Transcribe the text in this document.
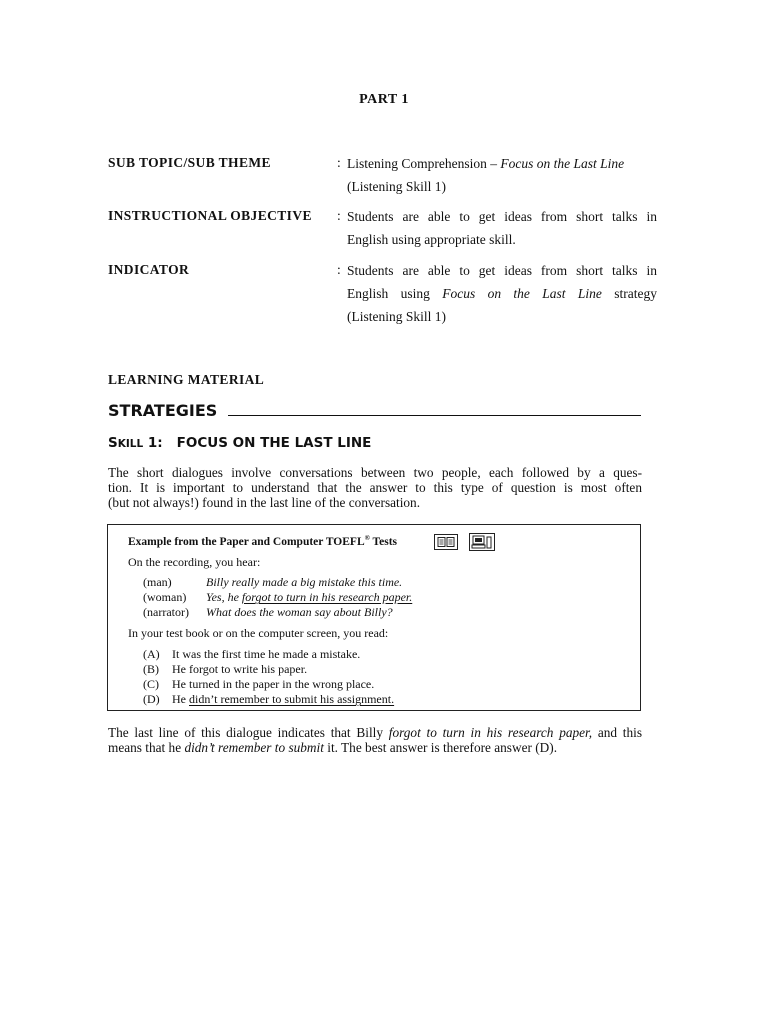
PART 1
SUB TOPIC/SUB THEME	: Listening Comprehension – Focus on the Last Line
(Listening Skill 1)
INSTRUCTIONAL OBJECTIVE : Students are able to get ideas from short talks in
English using appropriate skill.
INDICATOR	: Students are able to get ideas from short talks in
English using Focus on the Last Line strategy
(Listening Skill 1)
LEARNING MATERIAL
STRATEGIES
SKILL 1: FOCUS ON THE LAST LINE
The short dialogues involve conversations between two people, each followed by a ques-
tion. It is important to understand that the answer to this type of question is most often
(but not always!) found in the last line of the conversation.
Example from the Paper and Computer TOEFL® Tests
On the recording, you hear:
(man)	Billy really made a big mistake this time.
(woman) Yes, he forgot to turn in his research paper.
(narrator) What does the woman say about Billy?
In your test book or on the computer screen, you read:
(A) It was the first time he made a mistake.
(B) He forgot to write his paper.
(C) He turned in the paper in the wrong place.
(D) He didn’t remember to submit his assignment.
The last line of this dialogue indicates that Billy forgot to turn in his research paper, and this
means that he didn’t remember to submit it. The best answer is therefore answer (D).
